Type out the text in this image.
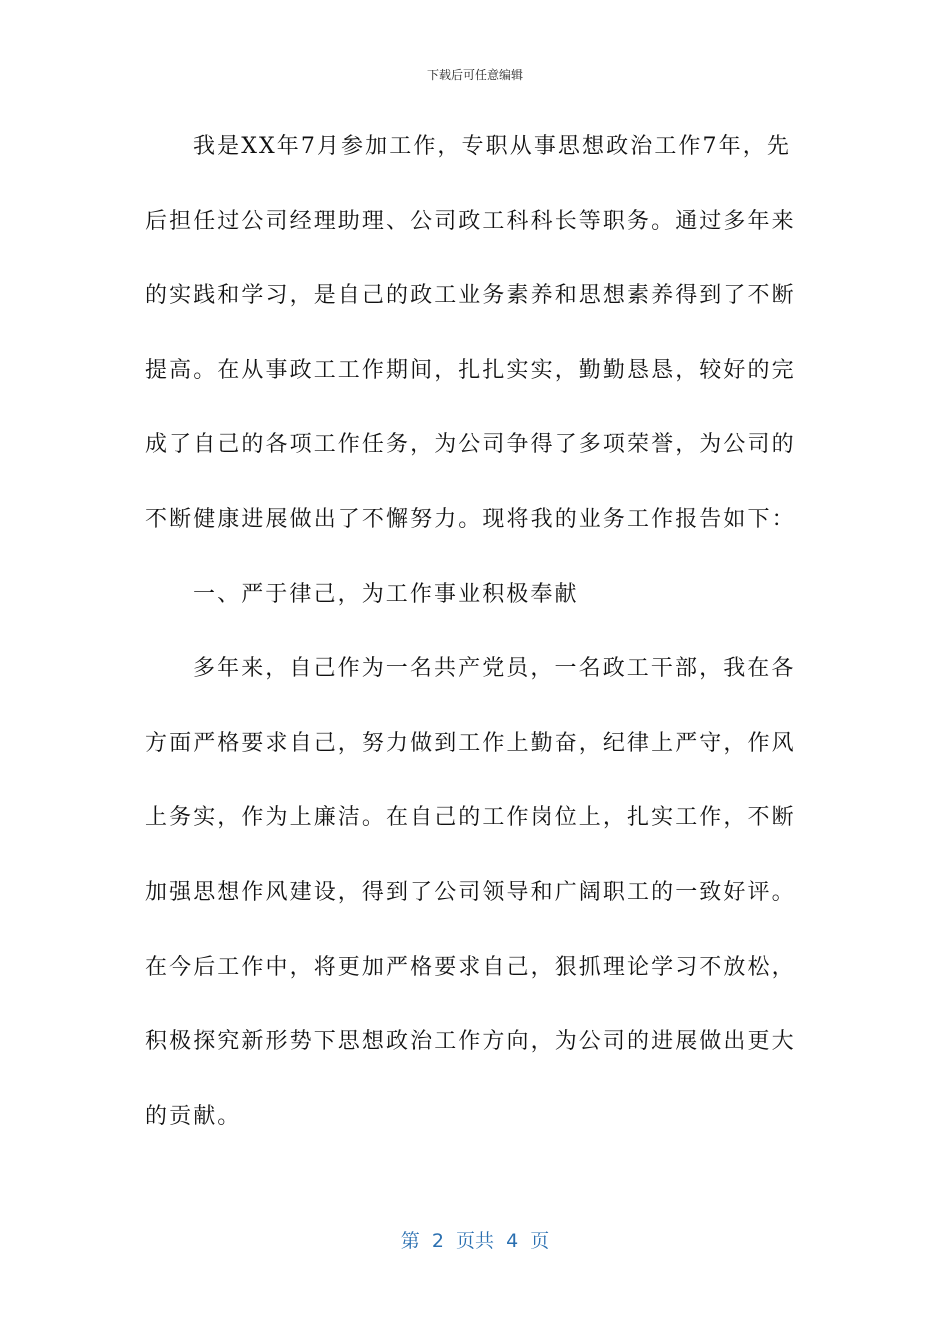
下载后可任意编辑
我是XX年7月参加工作，专职从事思想政治工作7年，先
后担任过公司经理助理、公司政工科科长等职务。通过多年来
的实践和学习，是自己的政工业务素养和思想素养得到了不断
提高。在从事政工工作期间，扎扎实实，勤勤恳恳，较好的完
成了自己的各项工作任务，为公司争得了多项荣誉，为公司的
不断健康进展做出了不懈努力。现将我的业务工作报告如下：
一、严于律己，为工作事业积极奉献
多年来，自己作为一名共产党员，一名政工干部，我在各
方面严格要求自己，努力做到工作上勤奋，纪律上严守，作风
上务实，作为上廉洁。在自己的工作岗位上，扎实工作，不断
加强思想作风建设，得到了公司领导和广阔职工的一致好评。
在今后工作中，将更加严格要求自己，狠抓理论学习不放松，
积极探究新形势下思想政治工作方向，为公司的进展做出更大
的贡献。
第  2  页共  4  页
